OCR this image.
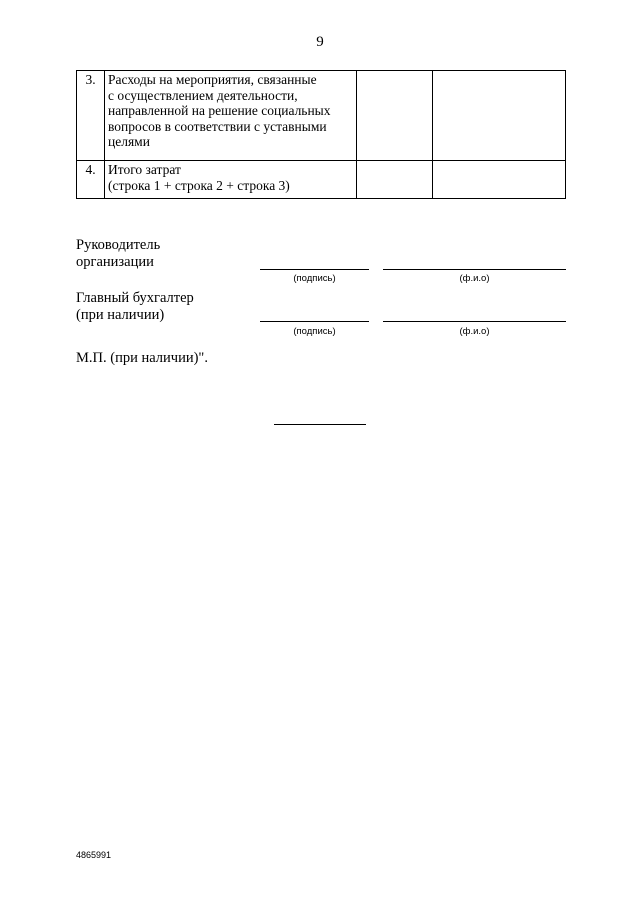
9
3.	Расходы на мероприятия, связанные
с осуществлением деятельности,
направленной на решение социальных
вопросов в соответствии с уставными
целями		
4.	Итого затрат
(строка 1 + строка 2 + строка 3)		
Руководитель
организации
(подпись)	(ф.и.о)
Главный бухгалтер
(при наличии)
(подпись)	(ф.и.о)
М.П. (при наличии)".
4865991
